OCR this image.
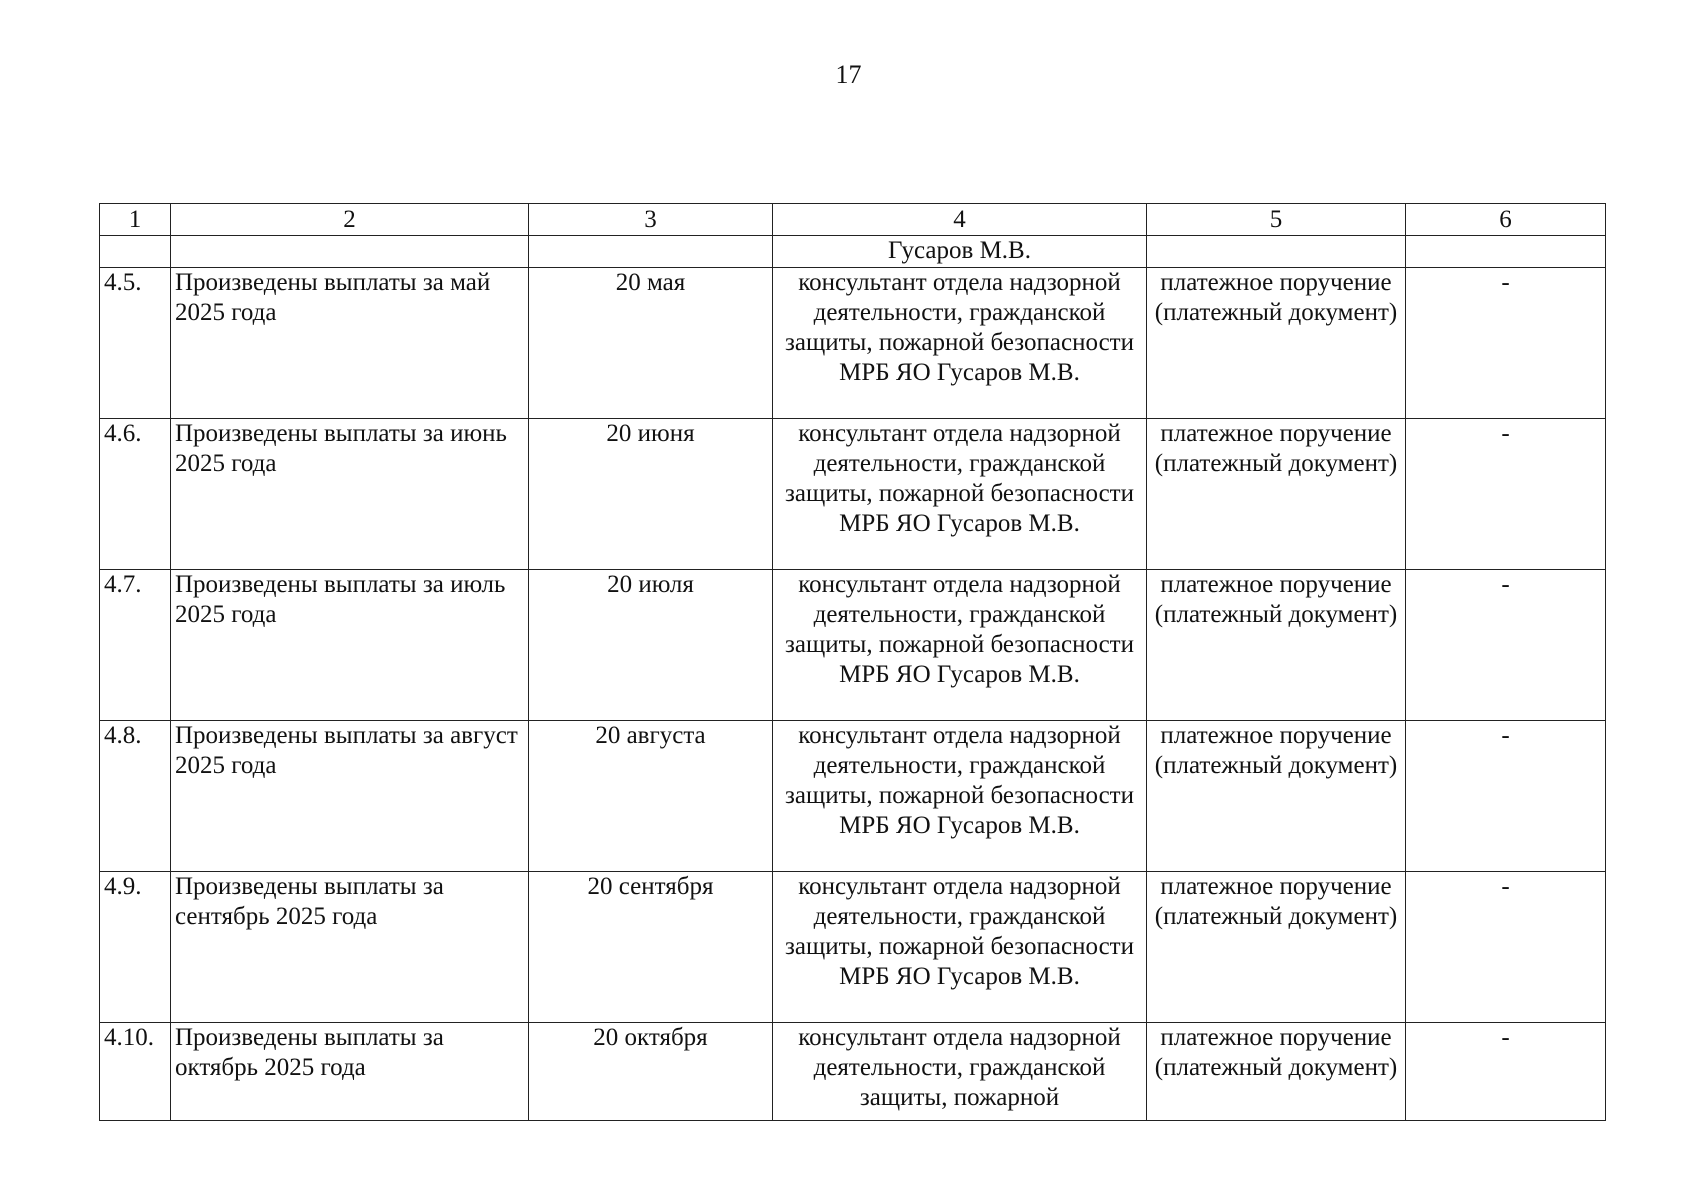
17
1	2	3	4	5	6
			Гусаров М.В.		
4.5.	Произведены выплаты за май 2025 года	20 мая	консультант отдела надзорной деятельности, гражданской защиты, пожарной безопасности МРБ ЯО Гусаров М.В.	платежное поручение (платежный документ)	-
4.6.	Произведены выплаты за июнь 2025 года	20 июня	консультант отдела надзорной деятельности, гражданской защиты, пожарной безопасности МРБ ЯО Гусаров М.В.	платежное поручение (платежный документ)	-
4.7.	Произведены выплаты за июль 2025 года	20 июля	консультант отдела надзорной деятельности, гражданской защиты, пожарной безопасности МРБ ЯО Гусаров М.В.	платежное поручение (платежный документ)	-
4.8.	Произведены выплаты за август 2025 года	20 августа	консультант отдела надзорной деятельности, гражданской защиты, пожарной безопасности МРБ ЯО Гусаров М.В.	платежное поручение (платежный документ)	-
4.9.	Произведены выплаты за сентябрь 2025 года	20 сентября	консультант отдела надзорной деятельности, гражданской защиты, пожарной безопасности МРБ ЯО Гусаров М.В.	платежное поручение (платежный документ)	-
4.10.	Произведены выплаты за октябрь 2025 года	20 октября	консультант отдела надзорной деятельности, гражданской защиты, пожарной	платежное поручение (платежный документ)	-
